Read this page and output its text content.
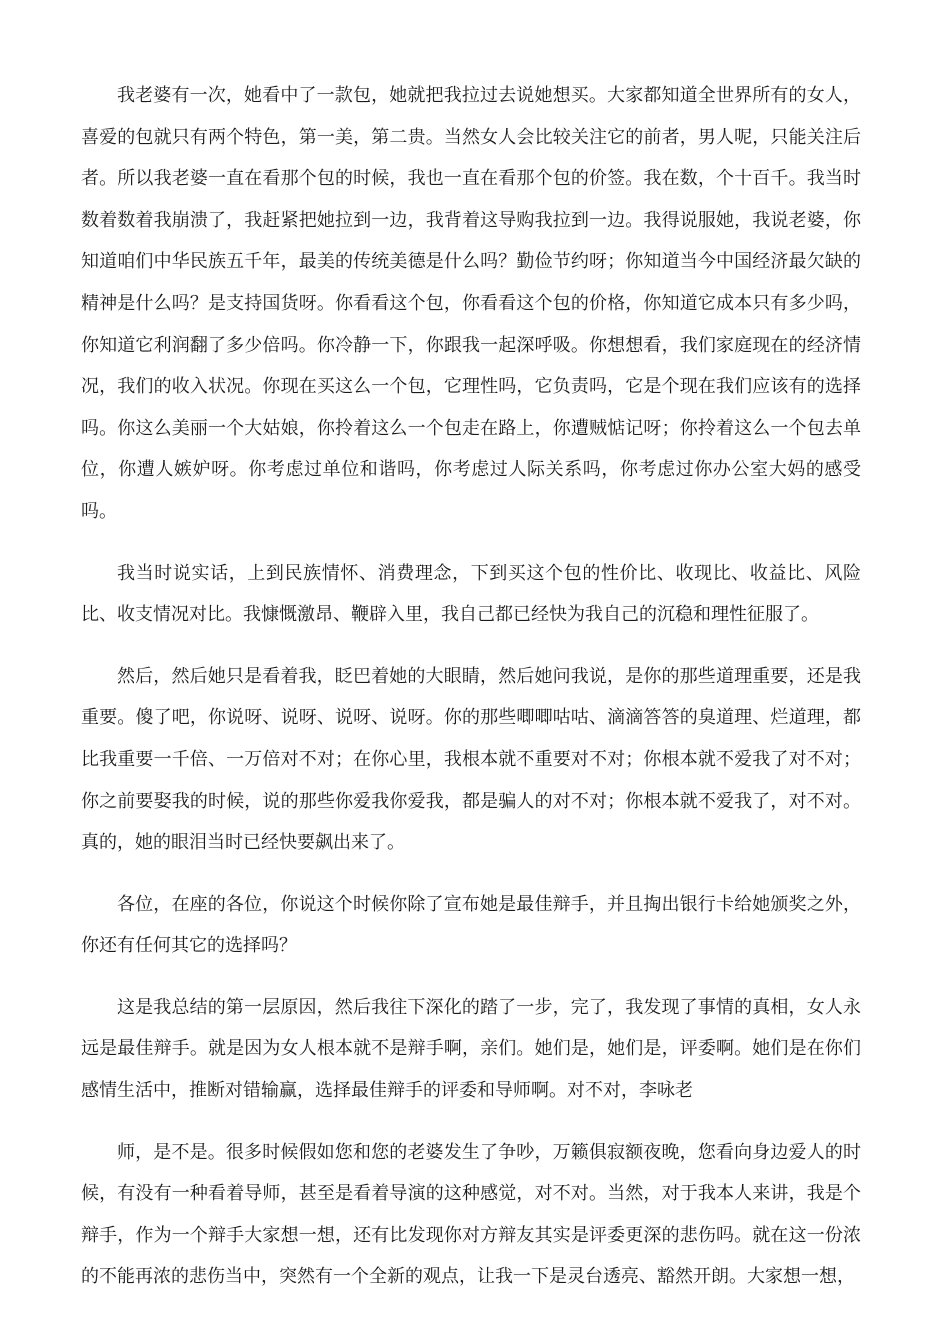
我老婆有一次，她看中了一款包，她就把我拉过去说她想买。大家都知道全世界所有的女人，喜爱的包就只有两个特色，第一美，第二贵。当然女人会比较关注它的前者，男人呢，只能关注后者。所以我老婆一直在看那个包的时候，我也一直在看那个包的价签。我在数，个十百千。我当时数着数着我崩溃了，我赶紧把她拉到一边，我背着这导购我拉到一边。我得说服她，我说老婆，你知道咱们中华民族五千年，最美的传统美德是什么吗？勤俭节约呀；你知道当今中国经济最欠缺的精神是什么吗？是支持国货呀。你看看这个包，你看看这个包的价格，你知道它成本只有多少吗，你知道它利润翻了多少倍吗。你冷静一下，你跟我一起深呼吸。你想想看，我们家庭现在的经济情况，我们的收入状况。你现在买这么一个包，它理性吗，它负责吗，它是个现在我们应该有的选择吗。你这么美丽一个大姑娘，你拎着这么一个包走在路上，你遭贼惦记呀；你拎着这么一个包去单位，你遭人嫉妒呀。你考虑过单位和谐吗，你考虑过人际关系吗，你考虑过你办公室大妈的感受吗。

我当时说实话，上到民族情怀、消费理念，下到买这个包的性价比、收现比、收益比、风险比、收支情况对比。我慷慨激昂、鞭辟入里，我自己都已经快为我自己的沉稳和理性征服了。

然后，然后她只是看着我，眨巴着她的大眼睛，然后她问我说，是你的那些道理重要，还是我重要。傻了吧，你说呀、说呀、说呀、说呀。你的那些唧唧咕咕、滴滴答答的臭道理、烂道理，都比我重要一千倍、一万倍对不对；在你心里，我根本就不重要对不对；你根本就不爱我了对不对；你之前要娶我的时候，说的那些你爱我你爱我，都是骗人的对不对；你根本就不爱我了，对不对。真的，她的眼泪当时已经快要飙出来了。

各位，在座的各位，你说这个时候你除了宣布她是最佳辩手，并且掏出银行卡给她颁奖之外，你还有任何其它的选择吗？

这是我总结的第一层原因，然后我往下深化的踏了一步，完了，我发现了事情的真相，女人永远是最佳辩手。就是因为女人根本就不是辩手啊，亲们。她们是，她们是，评委啊。她们是在你们感情生活中，推断对错输赢，选择最佳辩手的评委和导师啊。对不对，李咏老

师，是不是。很多时候假如您和您的老婆发生了争吵，万籁俱寂额夜晚，您看向身边爱人的时候，有没有一种看着导师，甚至是看着导演的这种感觉，对不对。当然，对于我本人来讲，我是个辩手，作为一个辩手大家想一想，还有比发现你对方辩友其实是评委更深的悲伤吗。就在这一份浓的不能再浓的悲伤当中，突然有一个全新的观点，让我一下是灵台透亮、豁然开朗。大家想一想，
